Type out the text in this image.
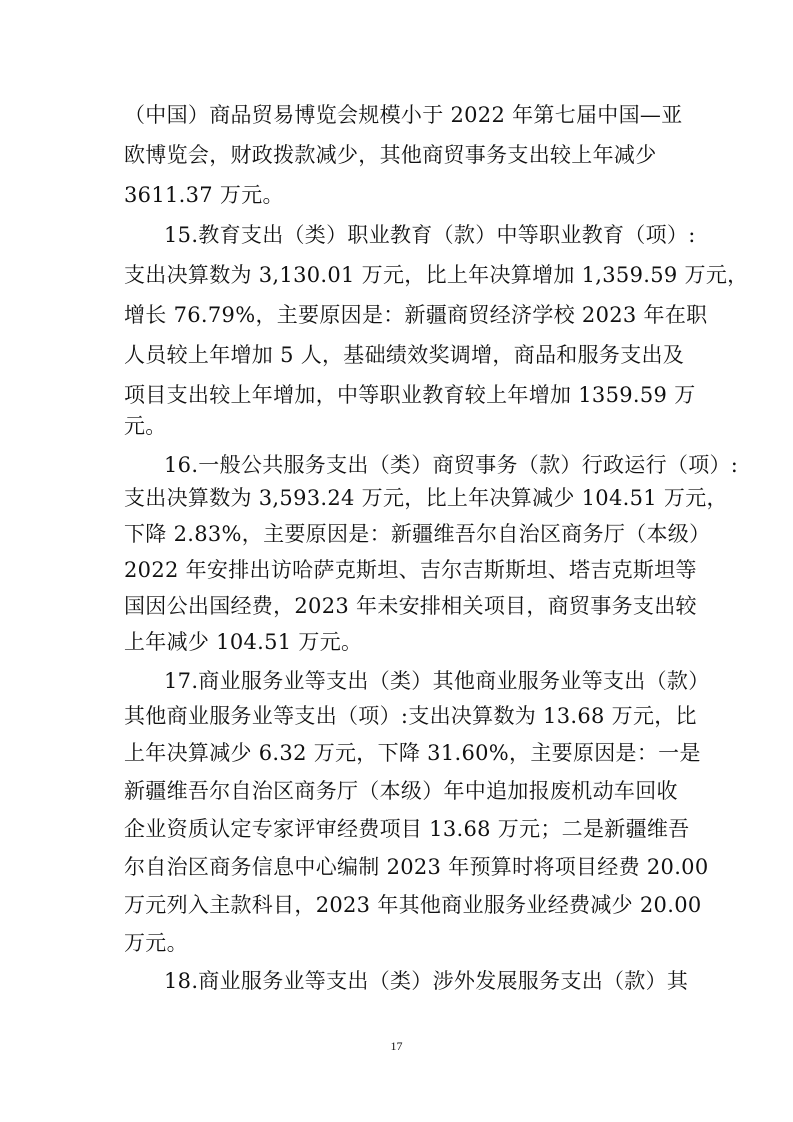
（中国）商品贸易博览会规模小于 2022 年第七届中国—亚
欧博览会，财政拨款减少，其他商贸事务支出较上年减少
3611.37 万元。
15.教育支出（类）职业教育（款）中等职业教育（项）:
支出决算数为 3,130.01 万元，比上年决算增加 1,359.59 万元，
增长 76.79%，主要原因是：新疆商贸经济学校 2023 年在职
人员较上年增加 5 人，基础绩效奖调增，商品和服务支出及
项目支出较上年增加，中等职业教育较上年增加 1359.59 万
元。
16.一般公共服务支出（类）商贸事务（款）行政运行（项）:
支出决算数为 3,593.24 万元，比上年决算减少 104.51 万元，
下降 2.83%，主要原因是：新疆维吾尔自治区商务厅（本级）
2022 年安排出访哈萨克斯坦、吉尔吉斯斯坦、塔吉克斯坦等
国因公出国经费，2023 年未安排相关项目，商贸事务支出较
上年减少 104.51 万元。
17.商业服务业等支出（类）其他商业服务业等支出（款）
其他商业服务业等支出（项）:支出决算数为 13.68 万元，比
上年决算减少 6.32 万元，下降 31.60%，主要原因是：一是
新疆维吾尔自治区商务厅（本级）年中追加报废机动车回收
企业资质认定专家评审经费项目 13.68 万元；二是新疆维吾
尔自治区商务信息中心编制 2023 年预算时将项目经费 20.00
万元列入主款科目，2023 年其他商业服务业经费减少 20.00
万元。
18.商业服务业等支出（类）涉外发展服务支出（款）其
17
